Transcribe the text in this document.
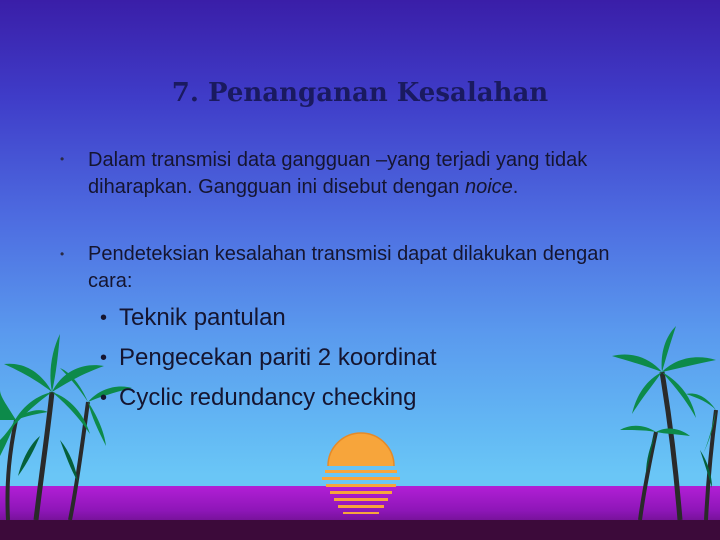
7. Penanganan Kesalahan
• Dalam transmisi data gangguan –yang terjadi yang tidak diharapkan. Gangguan ini disebut dengan noice.
• Pendeteksian kesalahan transmisi dapat dilakukan dengan cara:
• Teknik pantulan
• Pengecekan pariti 2 koordinat
• Cyclic redundancy checking
